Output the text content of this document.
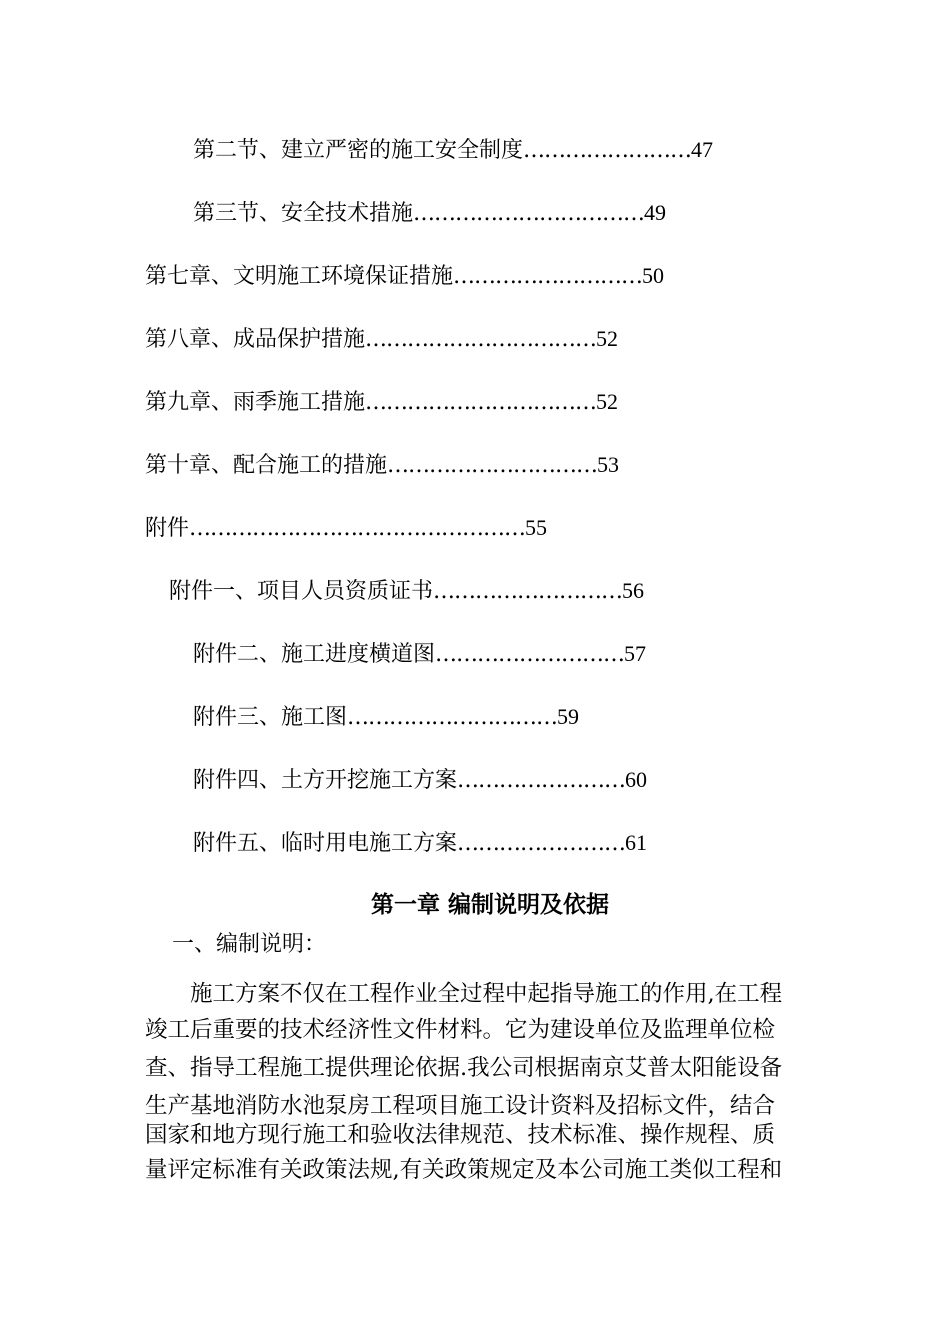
第二节、建立严密的施工安全制度……………………47
第三节、安全技术措施……………………………49
第七章、文明施工环境保证措施………………………50
第八章、成品保护措施……………………………52
第九章、雨季施工措施……………………………52
第十章、配合施工的措施…………………………53
附件…………………………………………55
附件一、项目人员资质证书………………………56
附件二、施工进度横道图………………………57
附件三、施工图…………………………59
附件四、土方开挖施工方案……………………60
附件五、临时用电施工方案……………………61
第一章 编制说明及依据
一、编制说明：
　　施工方案不仅在工程作业全过程中起指导施工的作用,在工程
竣工后重要的技术经济性文件材料。它为建设单位及监理单位检
查、指导工程施工提供理论依据.我公司根据南京艾普太阳能设备
生产基地消防水池泵房工程项目施工设计资料及招标文件，结合
国家和地方现行施工和验收法律规范、技术标准、操作规程、质
量评定标准有关政策法规,有关政策规定及本公司施工类似工程和
